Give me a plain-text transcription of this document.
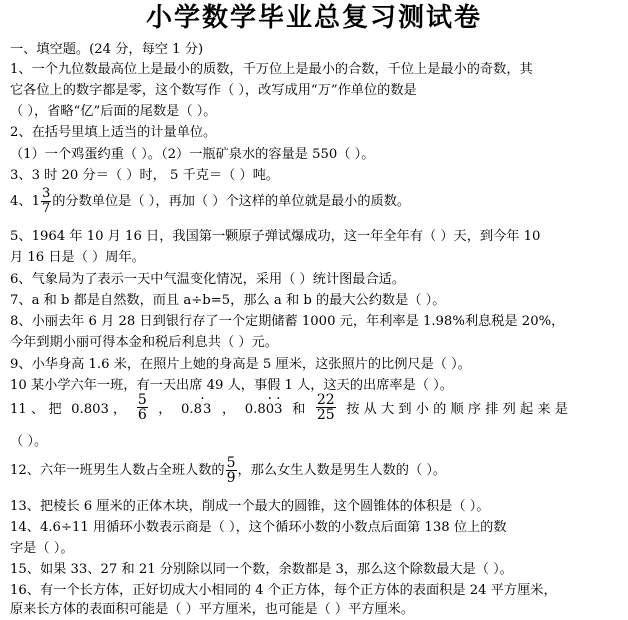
小学数学毕业总复习测试卷
一、填空题。(24 分，每空 1 分)
1、一个九位数最高位上是最小的质数，千万位上是最小的合数，千位上是最小的奇数，其
它各位上的数字都是零，这个数写作（ ），改写成用“万”作单位的数是
（ ），省略“亿”后面的尾数是（ ）。
2、在括号里填上适当的计量单位。
（1）一个鸡蛋约重（ ）。（2）一瓶矿泉水的容量是 550（ ）。
3、3 时 20 分＝（ ）时， 5 千克＝（ ）吨。
4、$1 \frac{3}{7}$ 的分数单位是（ ），再加（ ）个这样的单位就是最小的质数。
5、1964 年 10 月 16 日，我国第一颗原子弹试爆成功，这一年全年有（ ）天，到今年 10
月 16 日是（ ）周年。
6、气象局为了表示一天中气温变化情况，采用（ ）统计图最合适。
7、a 和 b 都是自然数，而且 a÷b=5，那么 a 和 b 的最大公约数是（ ）。
8、小丽去年 6 月 28 日到银行存了一个定期储蓄 1000 元，年利率是 1.98%利息税是 20%，
今年到期小丽可得本金和税后利息共（ ）元。
9、小华身高 1.6 米，在照片上她的身高是 5 厘米，这张照片的比例尺是（ ）。
10 某小学六年一班，有一天出席 49 人，事假 1 人，这天的出席率是（ ）。
11 、 把 0.803 ， $\frac{5}{6}$ ， 0.· 83 ， 0.8· 0· 3 和 $\frac{22}{25}$ 按 从 大 到 小 的 顺 序 排 列 起 来 是
（ ）。
12、六年一班男生人数占全班人数的 $\frac{5}{9}$ ，那么女生人数是男生人数的（ ）。
13、把棱长 6 厘米的正体木块，削成一个最大的圆锥，这个圆锥体的体积是（ ）。
14、4.6÷11 用循环小数表示商是（ ），这个循环小数的小数点后面第 138 位上的数
字是（ ）。
15、如果 33、27 和 21 分别除以同一个数，余数都是 3，那么这个除数最大是（ ）。
16、有一个长方体，正好切成大小相同的 4 个正方体，每个正方体的表面积是 24 平方厘米，
原来长方体的表面积可能是（ ）平方厘米，也可能是（ ）平方厘米。
